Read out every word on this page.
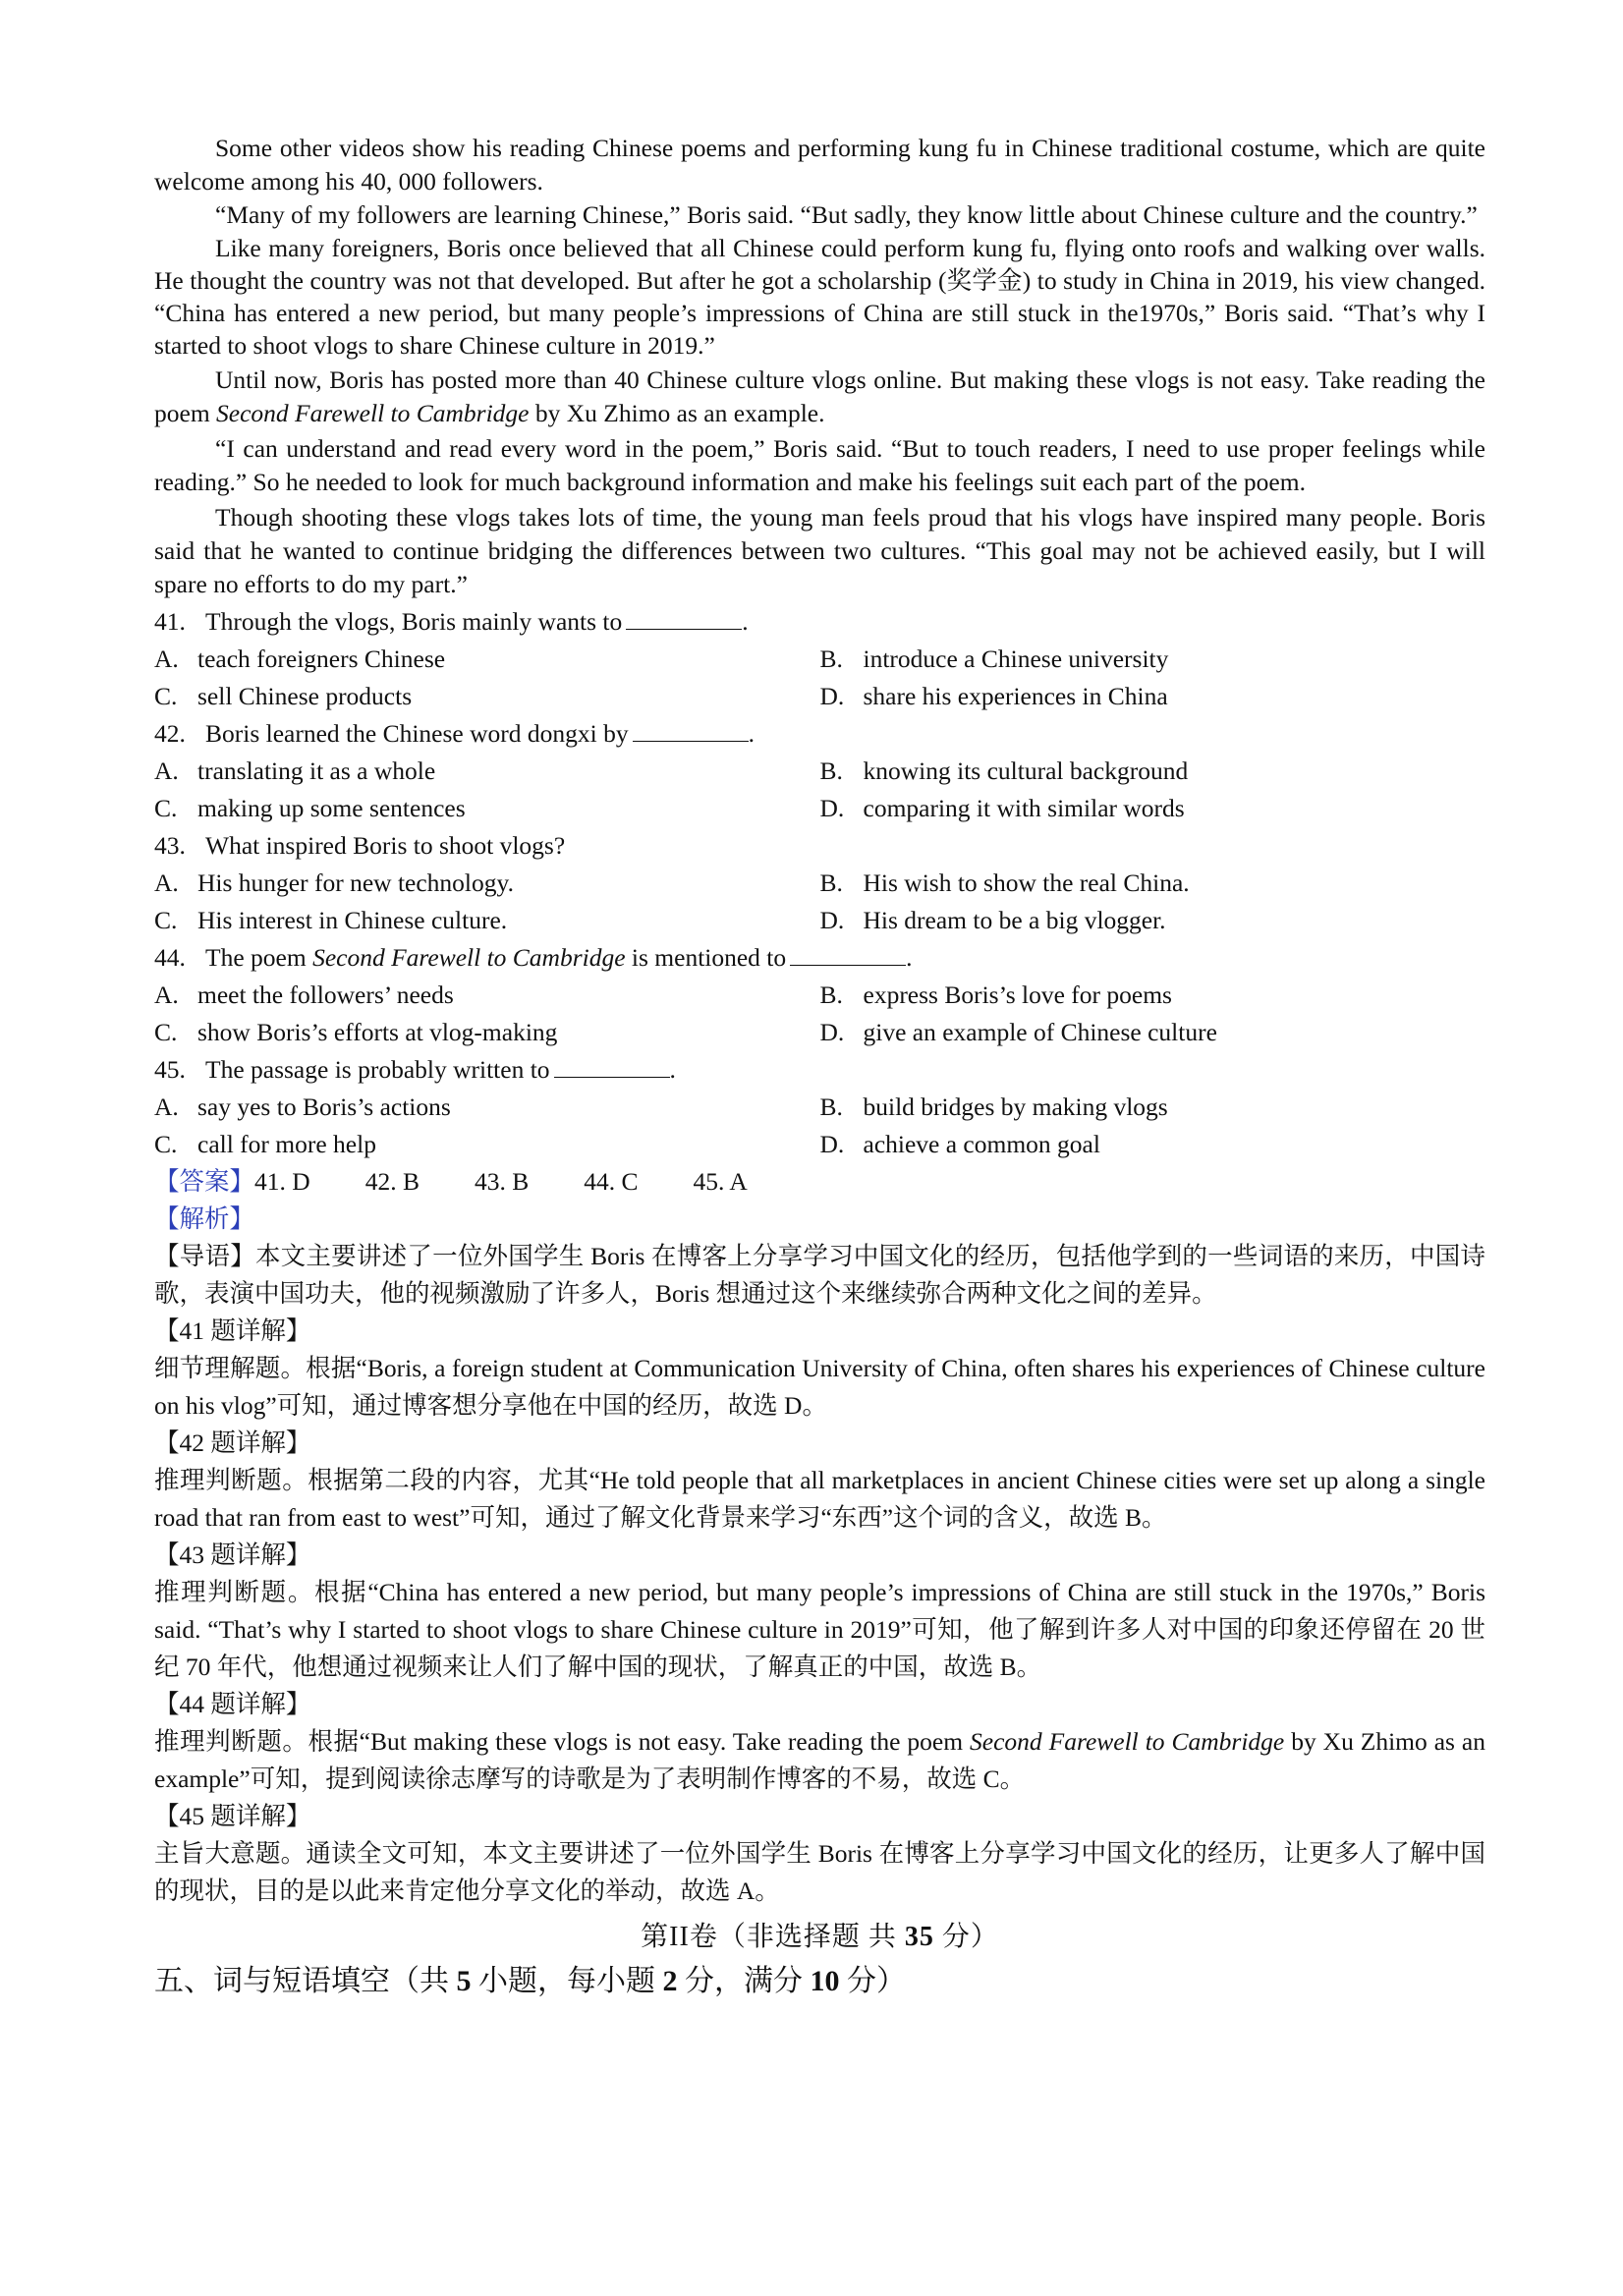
Some other videos show his reading Chinese poems and performing kung fu in Chinese traditional costume, which are quite welcome among his 40, 000 followers.

“Many of my followers are learning Chinese,” Boris said. “But sadly, they know little about Chinese culture and the country.”

Like many foreigners, Boris once believed that all Chinese could perform kung fu, flying onto roofs and walking over walls. He thought the country was not that developed. But after he got a scholarship (奖学金) to study in China in 2019, his view changed. “China has entered a new period, but many people’s impressions of China are still stuck in the1970s,” Boris said. “That’s why I started to shoot vlogs to share Chinese culture in 2019.”

Until now, Boris has posted more than 40 Chinese culture vlogs online. But making these vlogs is not easy. Take reading the poem Second Farewell to Cambridge by Xu Zhimo as an example.

“I can understand and read every word in the poem,” Boris said. “But to touch readers, I need to use proper feelings while reading.” So he needed to look for much background information and make his feelings suit each part of the poem.

Though shooting these vlogs takes lots of time, the young man feels proud that his vlogs have inspired many people. Boris said that he wanted to continue bridging the differences between two cultures. “This goal may not be achieved easily, but I will spare no efforts to do my part.”

41. Through the vlogs, Boris mainly wants to	.
A. teach foreigners Chinese	B. introduce a Chinese university
C. sell Chinese products	D. share his experiences in China
42. Boris learned the Chinese word dongxi by	.
A. translating it as a whole	B. knowing its cultural background
C. making up some sentences	D. comparing it with similar words
43. What inspired Boris to shoot vlogs?
A. His hunger for new technology.	B. His wish to show the real China.
C. His interest in Chinese culture.	D. His dream to be a big vlogger.
44. The poem Second Farewell to Cambridge is mentioned to	.
A. meet the followers’ needs	B. express Boris’s love for poems
C. show Boris’s efforts at vlog-making	D. give an example of Chinese culture
45. The passage is probably written to	.
A. say yes to Boris’s actions	B. build bridges by making vlogs
C. call for more help	D. achieve a common goal
【答案】41. D 42. B 43. B 44. C 45. A
【解析】

【导语】本文主要讲述了一位外国学生 Boris 在博客上分享学习中国文化的经历，包括他学到的一些词语的来历，中国诗歌，表演中国功夫，他的视频激励了许多人，Boris 想通过这个来继续弥合两种文化之间的差异。

【41 题详解】

细节理解题。根据“Boris, a foreign student at Communication University of China, often shares his experiences of Chinese culture on his vlog”可知，通过博客想分享他在中国的经历，故选 D。

【42 题详解】

推理判断题。根据第二段的内容，尤其“He told people that all marketplaces in ancient Chinese cities were set up along a single road that ran from east to west”可知，通过了解文化背景来学习“东西”这个词的含义，故选 B。

【43 题详解】

推理判断题。根据“China has entered a new period, but many people’s impressions of China are still stuck in the 1970s,” Boris said. “That’s why I started to shoot vlogs to share Chinese culture in 2019”可知，他了解到许多人对中国的印象还停留在 20 世纪 70 年代，他想通过视频来让人们了解中国的现状，了解真正的中国，故选 B。

【44 题详解】

推理判断题。根据“But making these vlogs is not easy. Take reading the poem Second Farewell to Cambridge by Xu Zhimo as an example”可知，提到阅读徐志摩写的诗歌是为了表明制作博客的不易，故选 C。

【45 题详解】

主旨大意题。通读全文可知，本文主要讲述了一位外国学生 Boris 在博客上分享学习中国文化的经历，让更多人了解中国的现状，目的是以此来肯定他分享文化的举动，故选 A。

第II卷（非选择题 共 35 分）
五、词与短语填空（共 5 小题，每小题 2 分，满分 10 分）
